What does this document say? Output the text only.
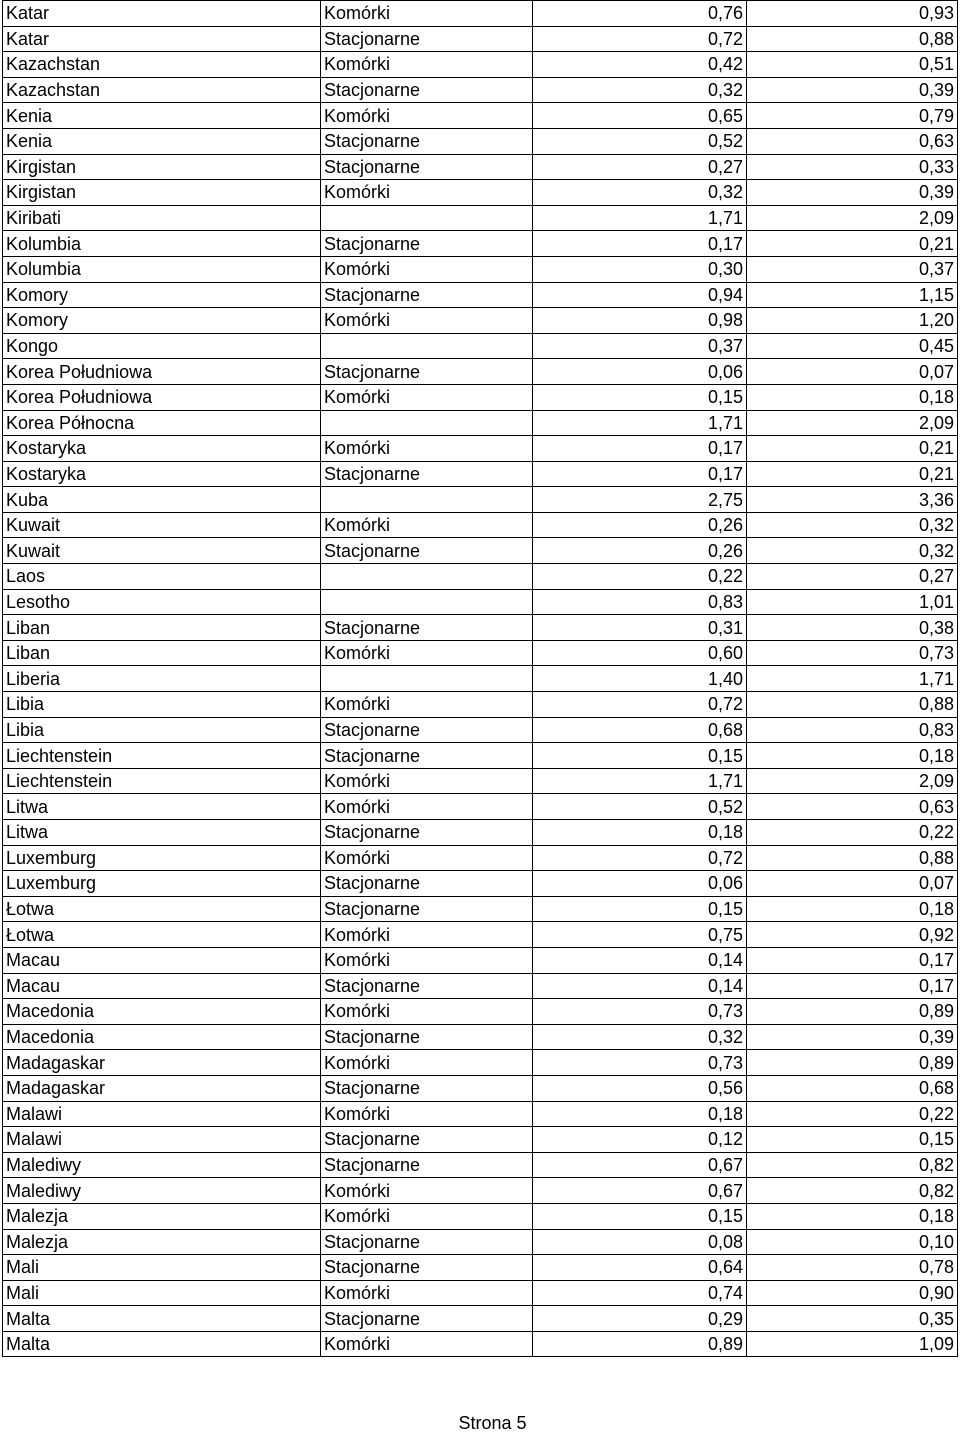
Katar	Komórki	0,76	0,93
Katar	Stacjonarne	0,72	0,88
Kazachstan	Komórki	0,42	0,51
Kazachstan	Stacjonarne	0,32	0,39
Kenia	Komórki	0,65	0,79
Kenia	Stacjonarne	0,52	0,63
Kirgistan	Stacjonarne	0,27	0,33
Kirgistan	Komórki	0,32	0,39
Kiribati		1,71	2,09
Kolumbia	Stacjonarne	0,17	0,21
Kolumbia	Komórki	0,30	0,37
Komory	Stacjonarne	0,94	1,15
Komory	Komórki	0,98	1,20
Kongo		0,37	0,45
Korea Południowa	Stacjonarne	0,06	0,07
Korea Południowa	Komórki	0,15	0,18
Korea Północna		1,71	2,09
Kostaryka	Komórki	0,17	0,21
Kostaryka	Stacjonarne	0,17	0,21
Kuba		2,75	3,36
Kuwait	Komórki	0,26	0,32
Kuwait	Stacjonarne	0,26	0,32
Laos		0,22	0,27
Lesotho		0,83	1,01
Liban	Stacjonarne	0,31	0,38
Liban	Komórki	0,60	0,73
Liberia		1,40	1,71
Libia	Komórki	0,72	0,88
Libia	Stacjonarne	0,68	0,83
Liechtenstein	Stacjonarne	0,15	0,18
Liechtenstein	Komórki	1,71	2,09
Litwa	Komórki	0,52	0,63
Litwa	Stacjonarne	0,18	0,22
Luxemburg	Komórki	0,72	0,88
Luxemburg	Stacjonarne	0,06	0,07
Łotwa	Stacjonarne	0,15	0,18
Łotwa	Komórki	0,75	0,92
Macau	Komórki	0,14	0,17
Macau	Stacjonarne	0,14	0,17
Macedonia	Komórki	0,73	0,89
Macedonia	Stacjonarne	0,32	0,39
Madagaskar	Komórki	0,73	0,89
Madagaskar	Stacjonarne	0,56	0,68
Malawi	Komórki	0,18	0,22
Malawi	Stacjonarne	0,12	0,15
Malediwy	Stacjonarne	0,67	0,82
Malediwy	Komórki	0,67	0,82
Malezja	Komórki	0,15	0,18
Malezja	Stacjonarne	0,08	0,10
Mali	Stacjonarne	0,64	0,78
Mali	Komórki	0,74	0,90
Malta	Stacjonarne	0,29	0,35
Malta	Komórki	0,89	1,09
Strona 5
